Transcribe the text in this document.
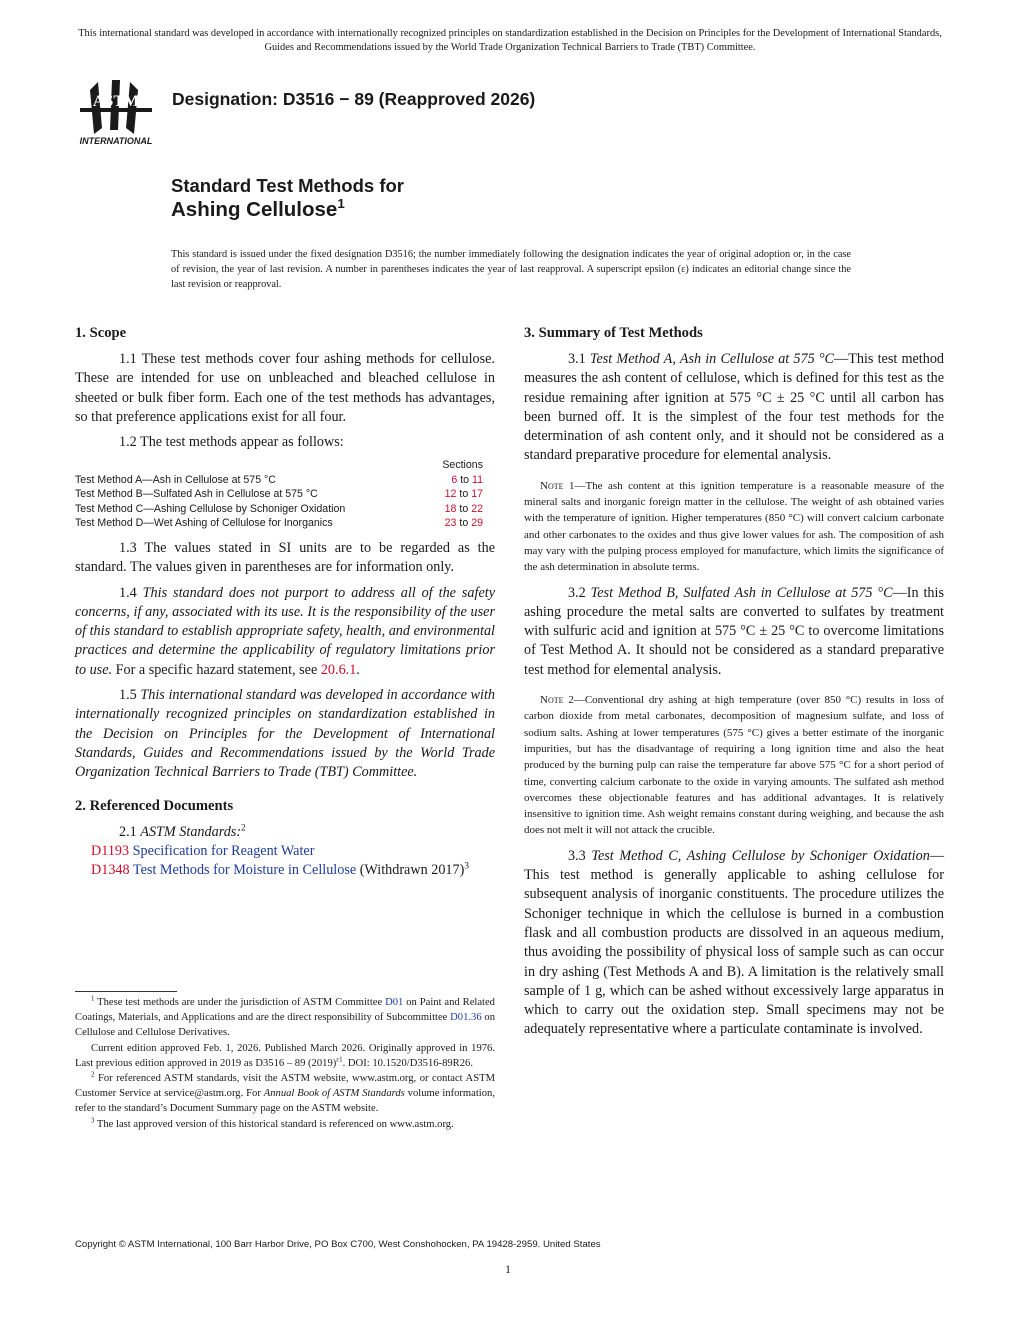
This international standard was developed in accordance with internationally recognized principles on standardization established in the Decision on Principles for the Development of International Standards, Guides and Recommendations issued by the World Trade Organization Technical Barriers to Trade (TBT) Committee.
ASTM
INTERNATIONAL
Designation: D3516 − 89 (Reapproved 2026)
Standard Test Methods for
Ashing Cellulose$^1$
This standard is issued under the fixed designation D3516; the number immediately following the designation indicates the year of original adoption or, in the case of revision, the year of last revision. A number in parentheses indicates the year of last reapproval. A superscript epsilon (ε) indicates an editorial change since the last revision or reapproval.
1. Scope

1.1 These test methods cover four ashing methods for cellulose. These are intended for use on unbleached and bleached cellulose in sheeted or bulk fiber form. Each one of the test methods has advantages, so that preference applications exist for all four.

1.2 The test methods appear as follows:

	Sections
Test Method A—Ash in Cellulose at 575 °C	6 to 11
Test Method B—Sulfated Ash in Cellulose at 575 °C	12 to 17
Test Method C—Ashing Cellulose by Schoniger Oxidation	18 to 22
Test Method D—Wet Ashing of Cellulose for Inorganics	23 to 29

1.3 The values stated in SI units are to be regarded as the standard. The values given in parentheses are for information only.

1.4 This standard does not purport to address all of the safety concerns, if any, associated with its use. It is the responsibility of the user of this standard to establish appropriate safety, health, and environmental practices and determine the applicability of regulatory limitations prior to use. For a specific hazard statement, see 20.6.1.

1.5 This international standard was developed in accordance with internationally recognized principles on standardization established in the Decision on Principles for the Development of International Standards, Guides and Recommendations issued by the World Trade Organization Technical Barriers to Trade (TBT) Committee.

2. Referenced Documents

2.1 ASTM Standards:$^2$

D1193 Specification for Reagent Water

D1348 Test Methods for Moisture in Cellulose (Withdrawn 2017)$^3$

$^1$ These test methods are under the jurisdiction of ASTM Committee D01 on Paint and Related Coatings, Materials, and Applications and are the direct responsibility of Subcommittee D01.36 on Cellulose and Cellulose Derivatives.

Current edition approved Feb. 1, 2026. Published March 2026. Originally approved in 1976. Last previous edition approved in 2019 as D3516 – 89 $(2019)^{\varepsilon 1}$. DOI: 10.1520/D3516-89R26.

$^2$ For referenced ASTM standards, visit the ASTM website, www.astm.org, or contact ASTM Customer Service at service@astm.org. For Annual Book of ASTM Standards volume information, refer to the standard’s Document Summary page on the ASTM website.

$^3$ The last approved version of this historical standard is referenced on www.astm.org.

3. Summary of Test Methods

3.1 Test Method A, Ash in Cellulose at 575 °C—This test method measures the ash content of cellulose, which is defined for this test as the residue remaining after ignition at 575 °C ± 25 °C until all carbon has been burned off. It is the simplest of the four test methods for the determination of ash content only, and it should not be considered as a standard preparative procedure for elemental analysis.

Note 1—The ash content at this ignition temperature is a reasonable measure of the mineral salts and inorganic foreign matter in the cellulose. The weight of ash obtained varies with the temperature of ignition. Higher temperatures (850 °C) will convert calcium carbonate and other carbonates to the oxides and thus give lower values for ash. The composition of ash may vary with the pulping process employed for manufacture, which limits the significance of the ash determination in absolute terms.

3.2 Test Method B, Sulfated Ash in Cellulose at 575 °C—In this ashing procedure the metal salts are converted to sulfates by treatment with sulfuric acid and ignition at 575 °C ± 25 °C to overcome limitations of Test Method A. It should not be considered as a standard preparative test method for elemental analysis.

Note 2—Conventional dry ashing at high temperature (over 850 °C) results in loss of carbon dioxide from metal carbonates, decomposition of magnesium sulfate, and loss of sodium salts. Ashing at lower temperatures (575 °C) gives a better estimate of the inorganic impurities, but has the disadvantage of requiring a long ignition time and also the heat produced by the burning pulp can raise the temperature far above 575 °C for a short period of time, converting calcium carbonate to the oxide in varying amounts. The sulfated ash method overcomes these objectionable features and has additional advantages. It is relatively insensitive to ignition time. Ash weight remains constant during weighing, and because the ash does not melt it will not attack the crucible.

3.3 Test Method C, Ashing Cellulose by Schoniger Oxidation—This test method is generally applicable to ashing cellulose for subsequent analysis of inorganic constituents. The procedure utilizes the Schoniger technique in which the cellulose is burned in a combustion flask and all combustion products are dissolved in an aqueous medium, thus avoiding the possibility of physical loss of sample such as can occur in dry ashing (Test Methods A and B). A limitation is the relatively small sample of 1 g, which can be ashed without excessively large apparatus in which to carry out the oxidation step. Small specimens may not be adequately representative where a particulate contaminate is involved.

Copyright © ASTM International, 100 Barr Harbor Drive, PO Box C700, West Conshohocken, PA 19428-2959. United States
1
